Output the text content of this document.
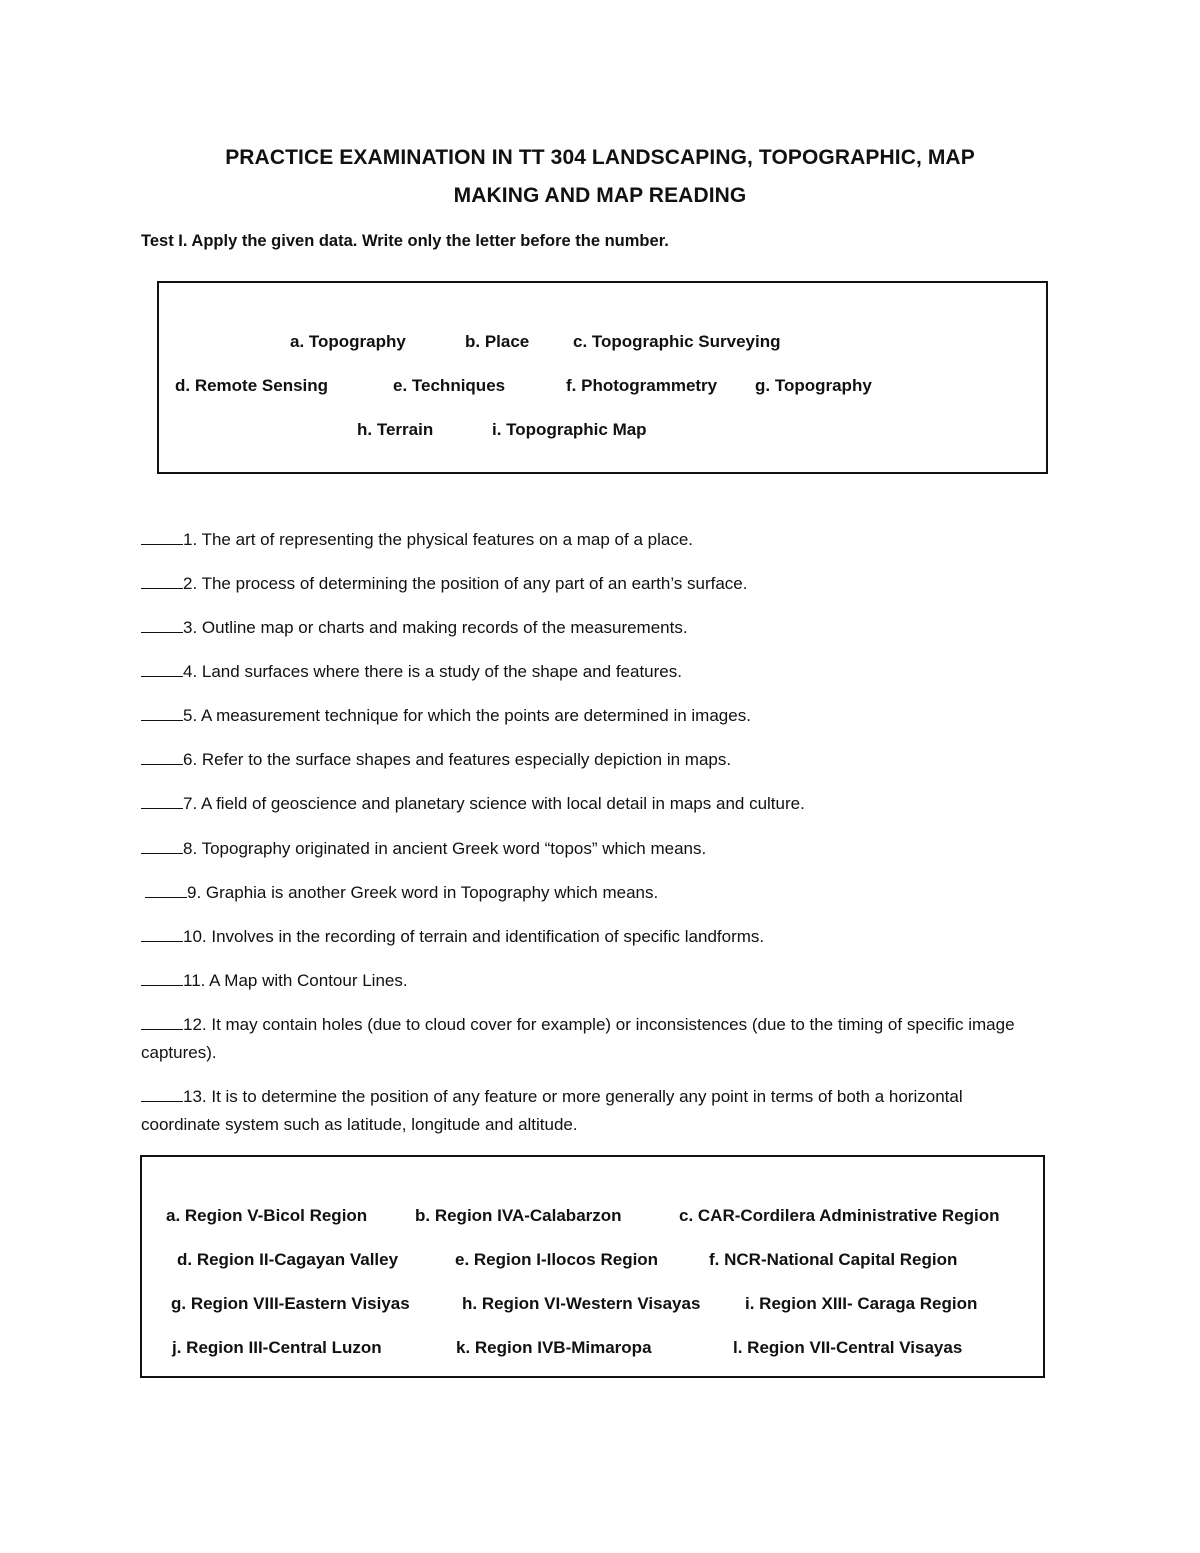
PRACTICE EXAMINATION IN TT 304 LANDSCAPING, TOPOGRAPHIC, MAP
MAKING AND MAP READING
Test I. Apply the given data. Write only the letter before the number.
a. Topography	b. Place	c. Topographic Surveying
d. Remote Sensing	e. Techniques	f. Photogrammetry g. Topography
h. Terrain	i. Topographic Map
1. The art of representing the physical features on a map of a place.
2. The process of determining the position of any part of an earth’s surface.
3. Outline map or charts and making records of the measurements.
4. Land surfaces where there is a study of the shape and features.
5. A measurement technique for which the points are determined in images.
6. Refer to the surface shapes and features especially depiction in maps.
7. A field of geoscience and planetary science with local detail in maps and culture.
8. Topography originated in ancient Greek word “topos” which means.
9. Graphia is another Greek word in Topography which means.
10. Involves in the recording of terrain and identification of specific landforms.
11. A Map with Contour Lines.
12. It may contain holes (due to cloud cover for example) or inconsistences (due to the timing of specific image captures).
13. It is to determine the position of any feature or more generally any point in terms of both a horizontal coordinate system such as latitude, longitude and altitude.
a. Region V-Bicol Region	b. Region IVA-Calabarzon	c. CAR-Cordilera Administrative Region
d. Region II-Cagayan Valley	e. Region I-Ilocos Region	f. NCR-National Capital Region
g. Region VIII-Eastern Visiyas	h. Region VI-Western Visayas	i. Region XIII- Caraga Region
j. Region III-Central Luzon	k. Region IVB-Mimaropa	l. Region VII-Central Visayas
